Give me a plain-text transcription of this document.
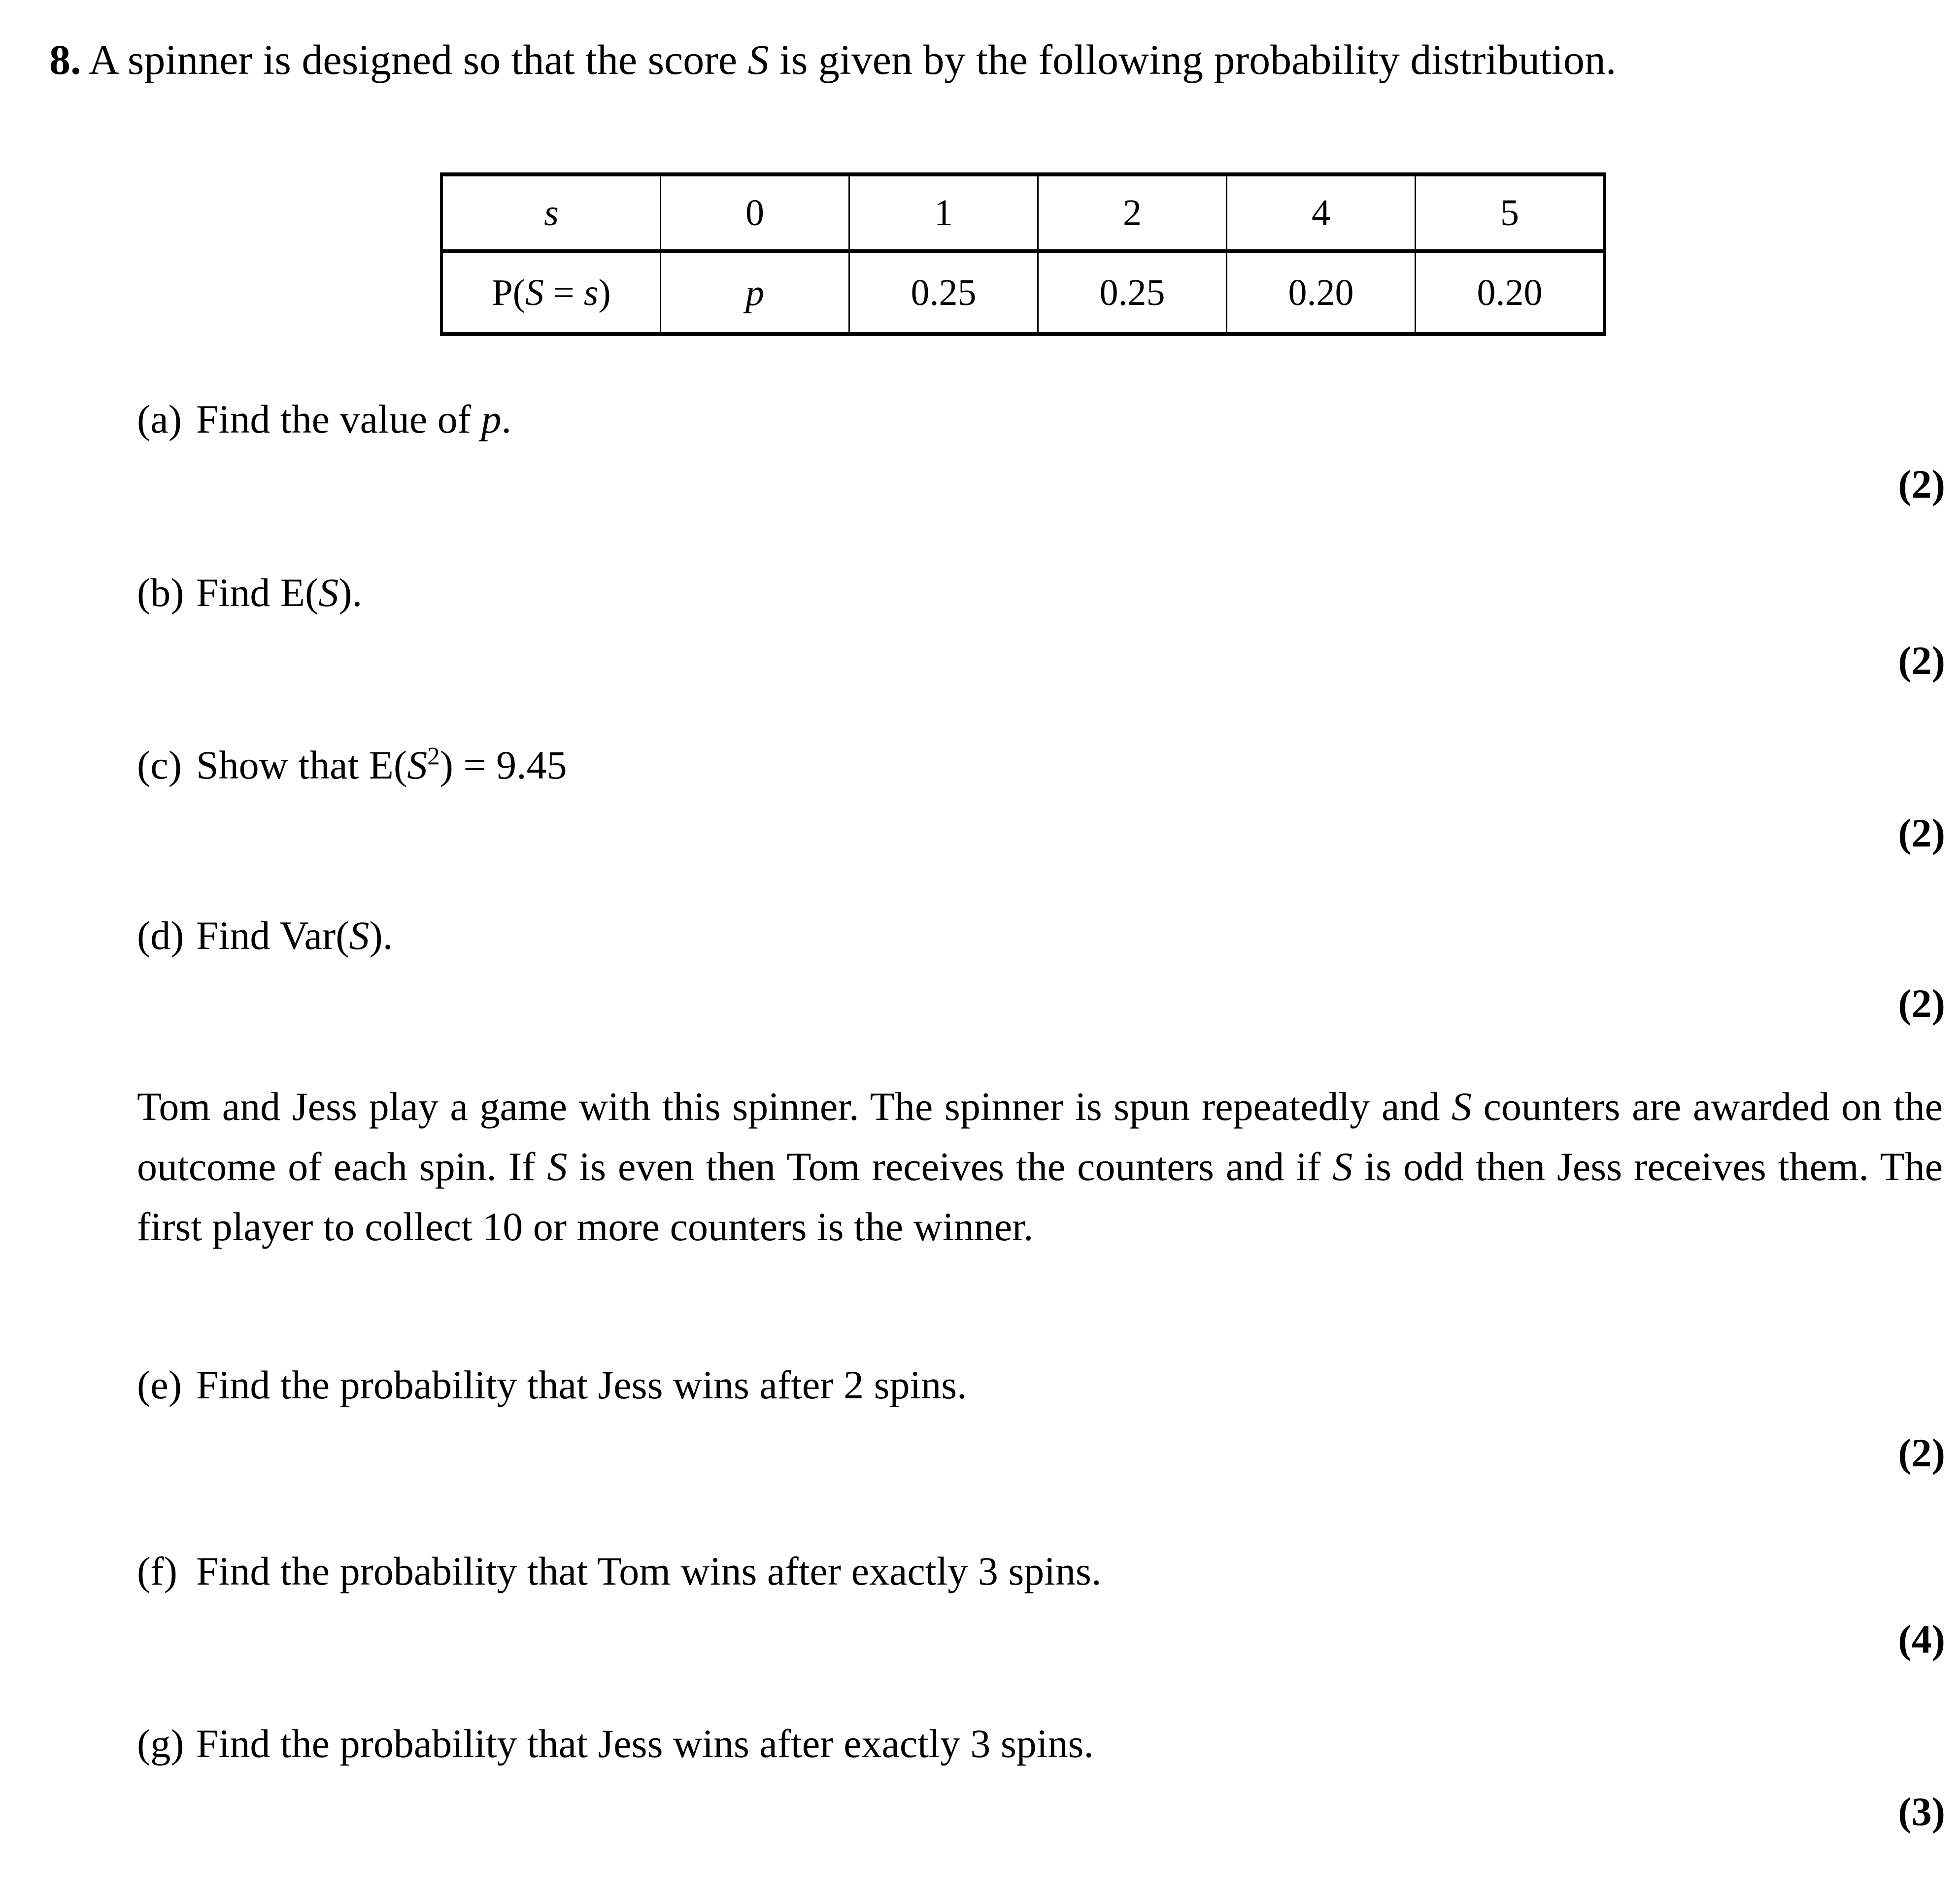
8. A spinner is designed so that the score S is given by the following probability distribution.
s	0	1	2	4	5
P(S = s)	p	0.25	0.25	0.20	0.20
(a) Find the value of p.
(2)
(b) Find E(S).
(2)
(c) Show that $E(S^2) = 9.45$
(2)
(d) Find Var(S).
(2)
Tom and Jess play a game with this spinner. The spinner is spun repeatedly and S counters are awarded on the outcome of each spin. If S is even then Tom receives the counters and if S is odd then Jess receives them. The first player to collect 10 or more counters is the winner.
(e) Find the probability that Jess wins after 2 spins.
(2)
(f) Find the probability that Tom wins after exactly 3 spins.
(4)
(g) Find the probability that Jess wins after exactly 3 spins.
(3)
